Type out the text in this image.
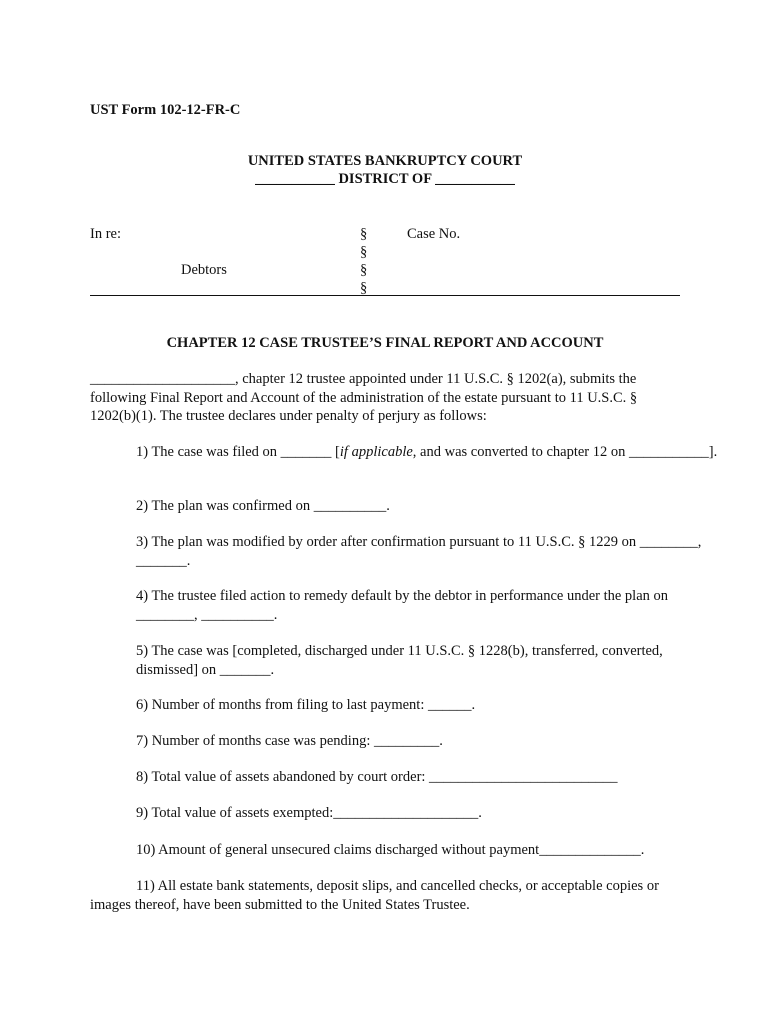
UST Form 102-12-FR-C
UNITED STATES BANKRUPTCY COURT
___________ DISTRICT OF ___________
In re:
Debtors
§
§
§
§
Case No.
CHAPTER 12 CASE TRUSTEE’S FINAL REPORT AND ACCOUNT
____________________, chapter 12 trustee appointed under 11 U.S.C. § 1202(a), submits the following Final Report and Account of the administration of the estate pursuant to 11 U.S.C. § 1202(b)(1). The trustee declares under penalty of perjury as follows:
1) The case was filed on _______ [if applicable, and was converted to chapter 12 on ___________].
2) The plan was confirmed on __________.
3) The plan was modified by order after confirmation pursuant to 11 U.S.C. § 1229 on ________, _______.
4) The trustee filed action to remedy default by the debtor in performance under the plan on ________, __________.
5) The case was [completed, discharged under 11 U.S.C. § 1228(b), transferred, converted, dismissed] on _______.
6) Number of months from filing to last payment: ______.
7) Number of months case was pending: _________.
8) Total value of assets abandoned by court order: __________________________
9) Total value of assets exempted:____________________.
10) Amount of general unsecured claims discharged without payment______________.
11) All estate bank statements, deposit slips, and cancelled checks, or acceptable copies or images thereof, have been submitted to the United States Trustee.
